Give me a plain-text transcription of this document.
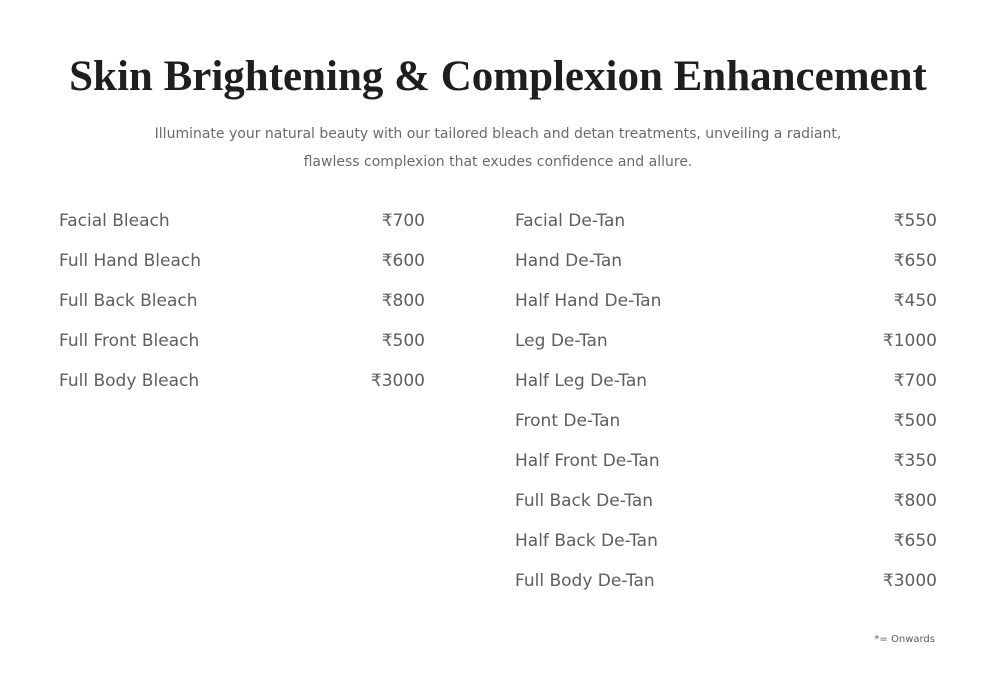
Skin Brightening & Complexion Enhancement

Illuminate your natural beauty with our tailored bleach and detan treatments, unveiling a radiant,
flawless complexion that exudes confidence and allure.

Facial Bleach	₹700
Full Hand Bleach	₹600
Full Back Bleach	₹800
Full Front Bleach	₹500
Full Body Bleach	₹3000
Facial De-Tan	₹550
Hand De-Tan	₹650
Half Hand De-Tan	₹450
Leg De-Tan	₹1000
Half Leg De-Tan	₹700
Front De-Tan	₹500
Half Front De-Tan	₹350
Full Back De-Tan	₹800
Half Back De-Tan	₹650
Full Body De-Tan	₹3000
*= Onwards
